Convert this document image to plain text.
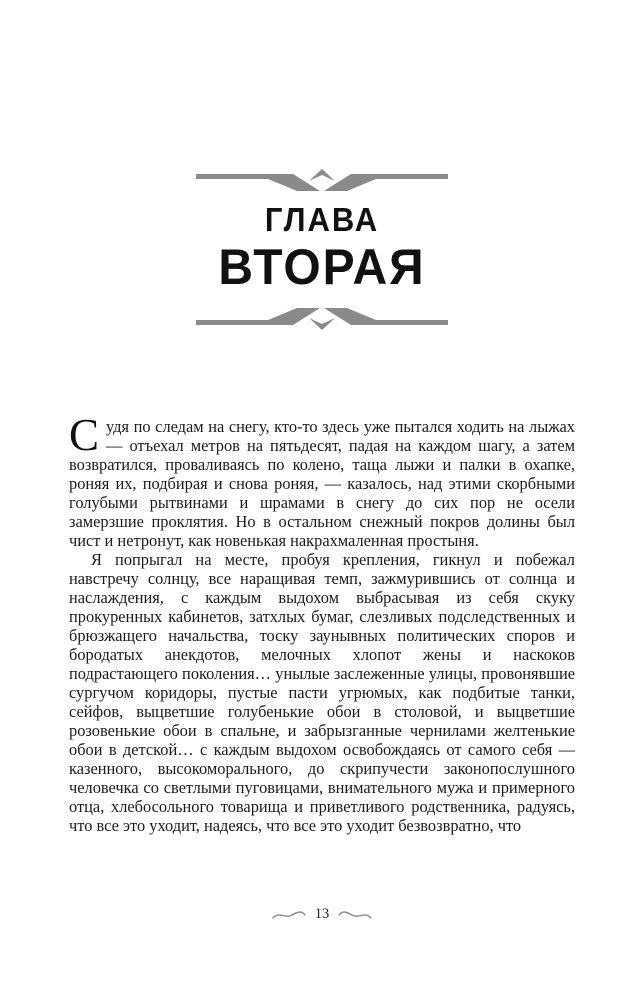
ГЛАВА
ВТОРАЯ

Судя по следам на снегу, кто-то здесь уже пытался ходить на лыжах — отъехал метров на пятьдесят, падая на каждом шагу, а затем возвратился, проваливаясь по колено, таща лыжи и палки в охапке, роняя их, подбирая и снова роняя, — казалось, над этими скорбными голубыми рытвинами и шрамами в снегу до сих пор не осели замерзшие проклятия. Но в остальном снежный покров долины был чист и нетронут, как новенькая накрахмаленная простыня.

Я попрыгал на месте, пробуя крепления, гикнул и побежал навстречу солнцу, все наращивая темп, зажмурившись от солнца и наслаждения, с каждым выдохом выбрасывая из себя скуку прокуренных кабинетов, затхлых бумаг, слезливых подследственных и брюзжащего начальства, тоску заунывных политических споров и бородатых анекдотов, мелочных хлопот жены и наскоков подрастающего поколения… унылые заслеженные улицы, провонявшие сургучом коридоры, пустые пасти угрюмых, как подбитые танки, сейфов, выцветшие голубенькие обои в столовой, и выцветшие розовенькие обои в спальне, и забрызганные чернилами желтенькие обои в детской… с каждым выдохом освобождаясь от самого себя — казенного, высокоморального, до скрипучести законопослушного человечка со светлыми пуговицами, внимательного мужа и примерного отца, хлебосольного товарища и приветливого родственника, радуясь, что все это уходит, надеясь, что все это уходит безвозвратно, что

13
